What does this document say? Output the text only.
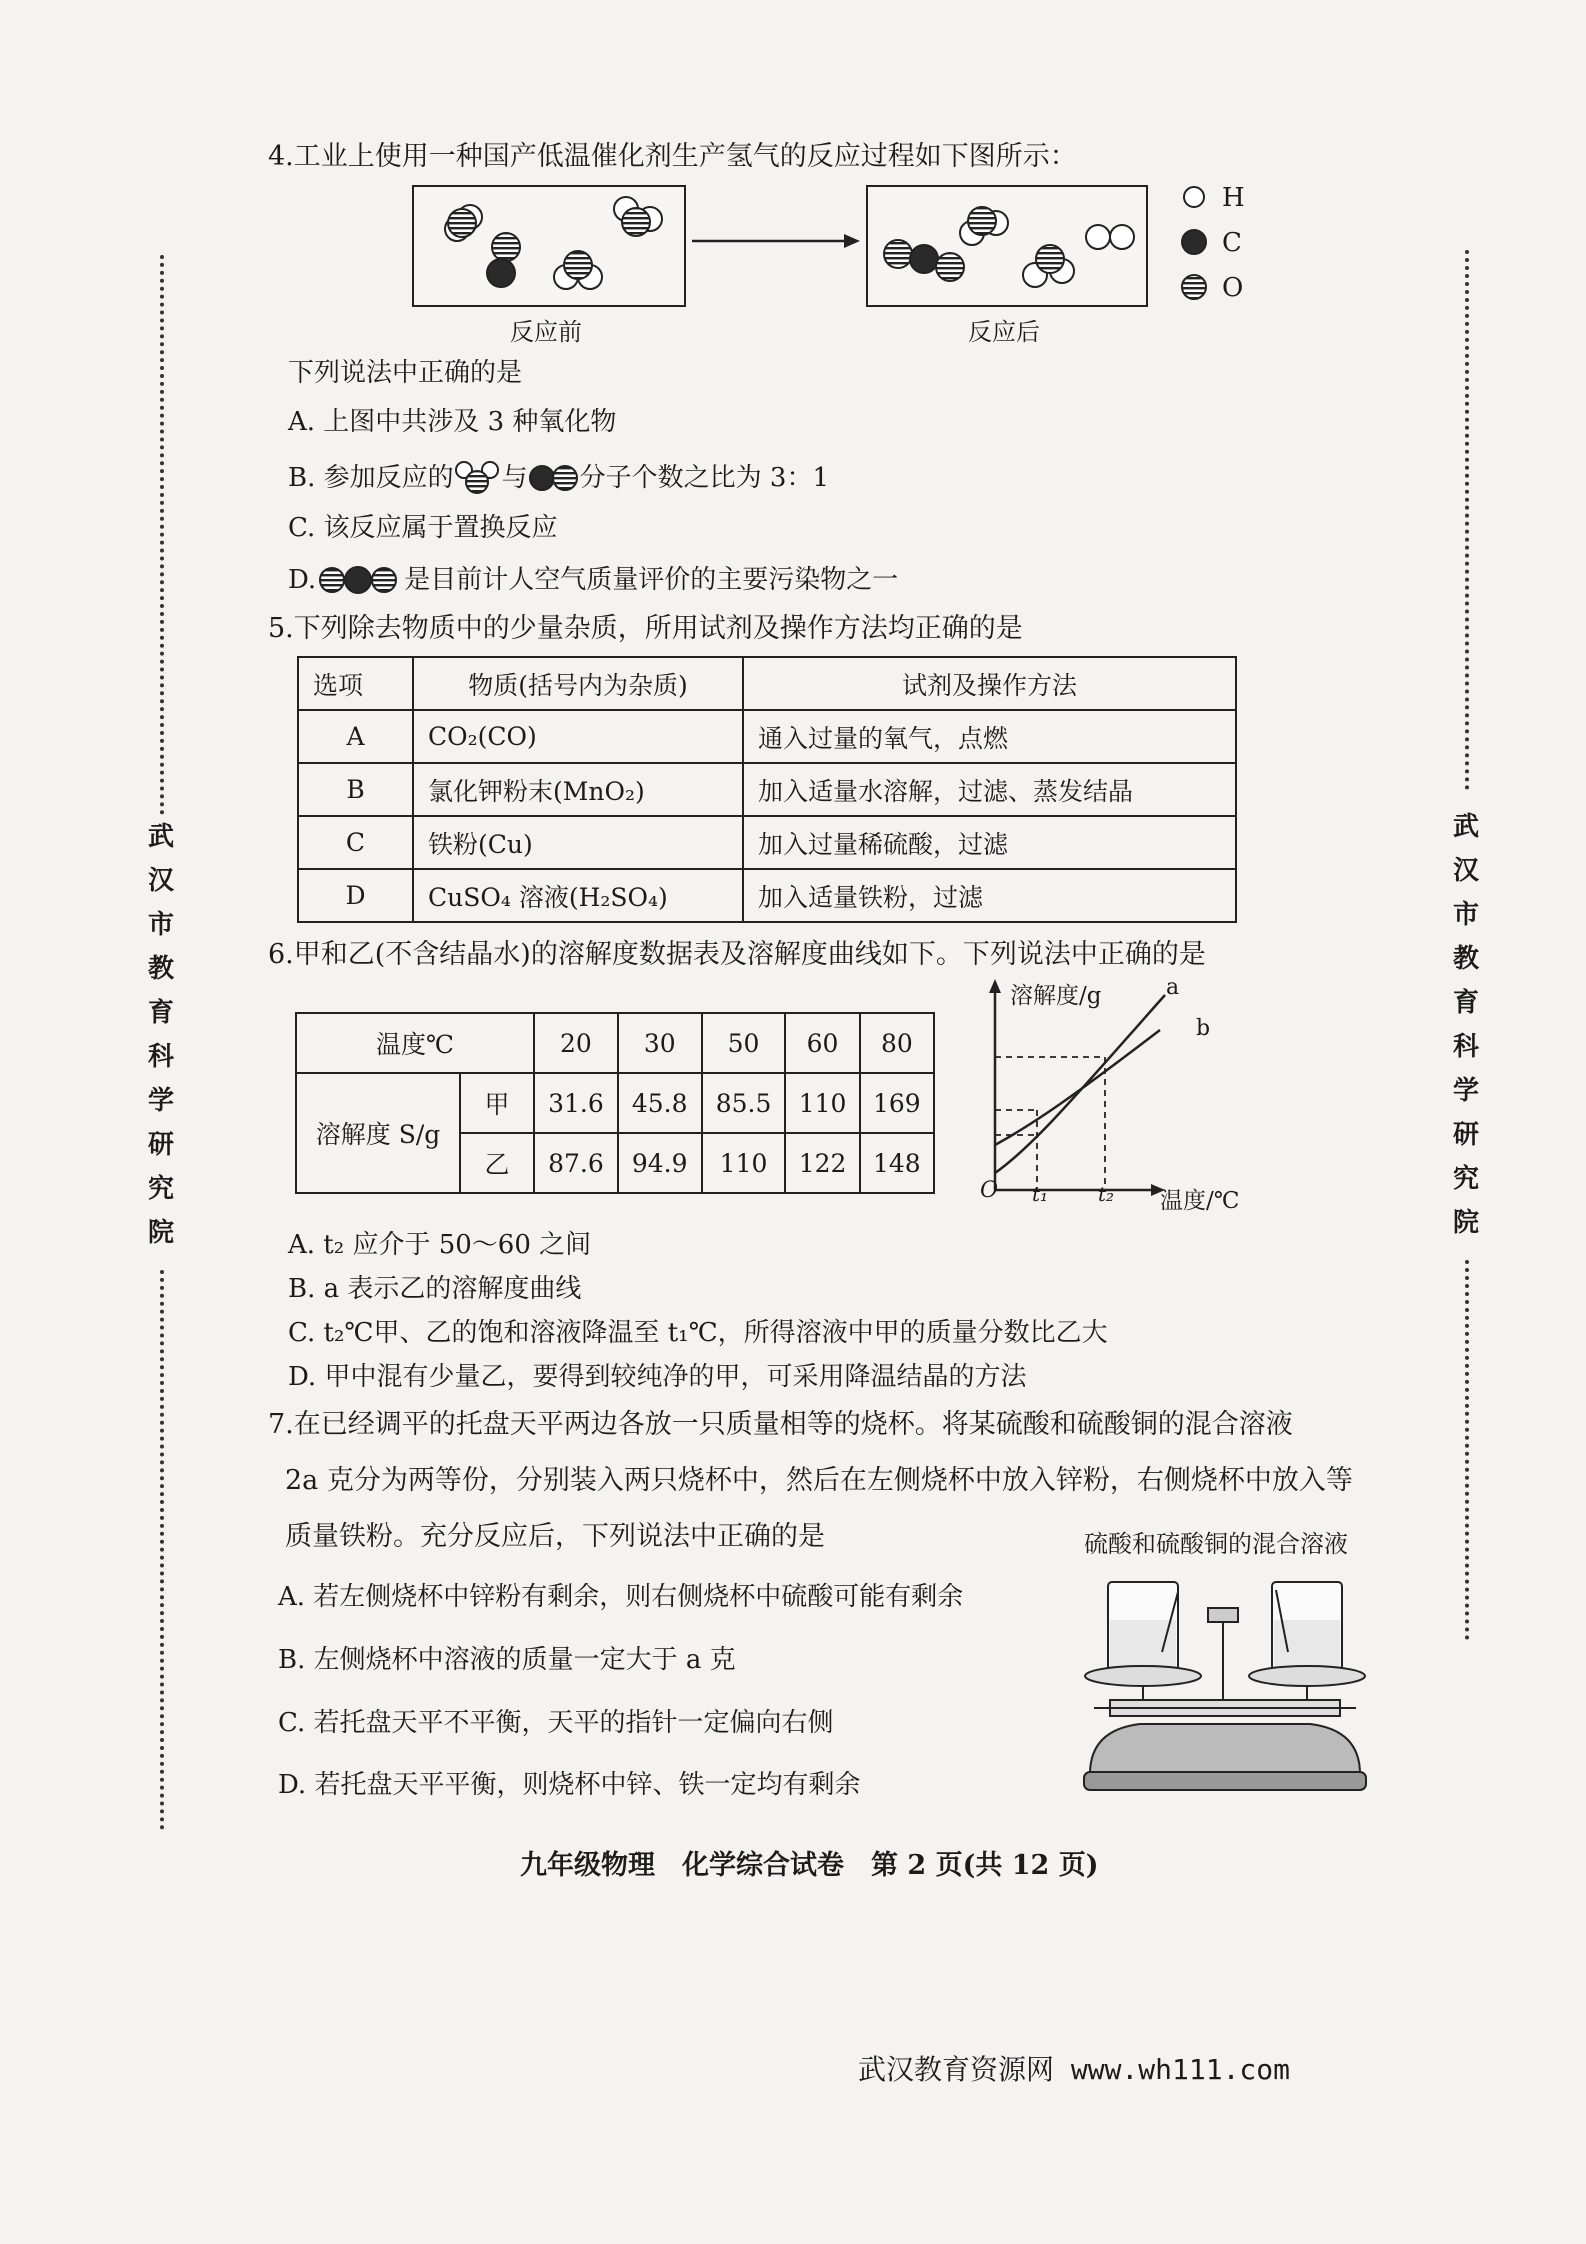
武
汉
市
教
育
科
学
研
究
院
武
汉
市
教
育
科
学
研
究
院
4.工业上使用一种国产低温催化剂生产氢气的反应过程如下图所示：
反应前	反应后
H
C
O
下列说法中正确的是
A. 上图中共涉及 3 种氧化物
B. 参加反应的 与 分子个数之比为 3：1
C. 该反应属于置换反应
D.	是目前计人空气质量评价的主要污染物之一
5.下列除去物质中的少量杂质，所用试剂及操作方法均正确的是
选项	物质(括号内为杂质)	试剂及操作方法
A	CO₂(CO)	通入过量的氧气，点燃
B	氯化钾粉末(MnO₂)	加入适量水溶解，过滤、蒸发结晶
C	铁粉(Cu)	加入过量稀硫酸，过滤
D	CuSO₄ 溶液(H₂SO₄)	加入适量铁粉，过滤
6.甲和乙(不含结晶水)的溶解度数据表及溶解度曲线如下。下列说法中正确的是
温度℃		20	30	50	60	80
溶解度 S/g	甲	31.6	45.8	85.5	110	169
	乙	87.6	94.9	110	122	148
溶解度/g	a
b
O t₁ t₂ 温度/℃
A. t₂ 应介于 50～60 之间
B. a 表示乙的溶解度曲线
C. t₂℃甲、乙的饱和溶液降温至 t₁℃，所得溶液中甲的质量分数比乙大
D. 甲中混有少量乙，要得到较纯净的甲，可采用降温结晶的方法
7.在已经调平的托盘天平两边各放一只质量相等的烧杯。将某硫酸和硫酸铜的混合溶液
2a 克分为两等份，分别装入两只烧杯中，然后在左侧烧杯中放入锌粉，右侧烧杯中放入等
质量铁粉。充分反应后，下列说法中正确的是	硫酸和硫酸铜的混合溶液
A. 若左侧烧杯中锌粉有剩余，则右侧烧杯中硫酸可能有剩余
B. 左侧烧杯中溶液的质量一定大于 a 克
C. 若托盘天平不平衡，天平的指针一定偏向右侧
D. 若托盘天平平衡，则烧杯中锌、铁一定均有剩余
九年级物理　化学综合试卷　第 2 页(共 12 页)
武汉教育资源网 www.wh111.com
